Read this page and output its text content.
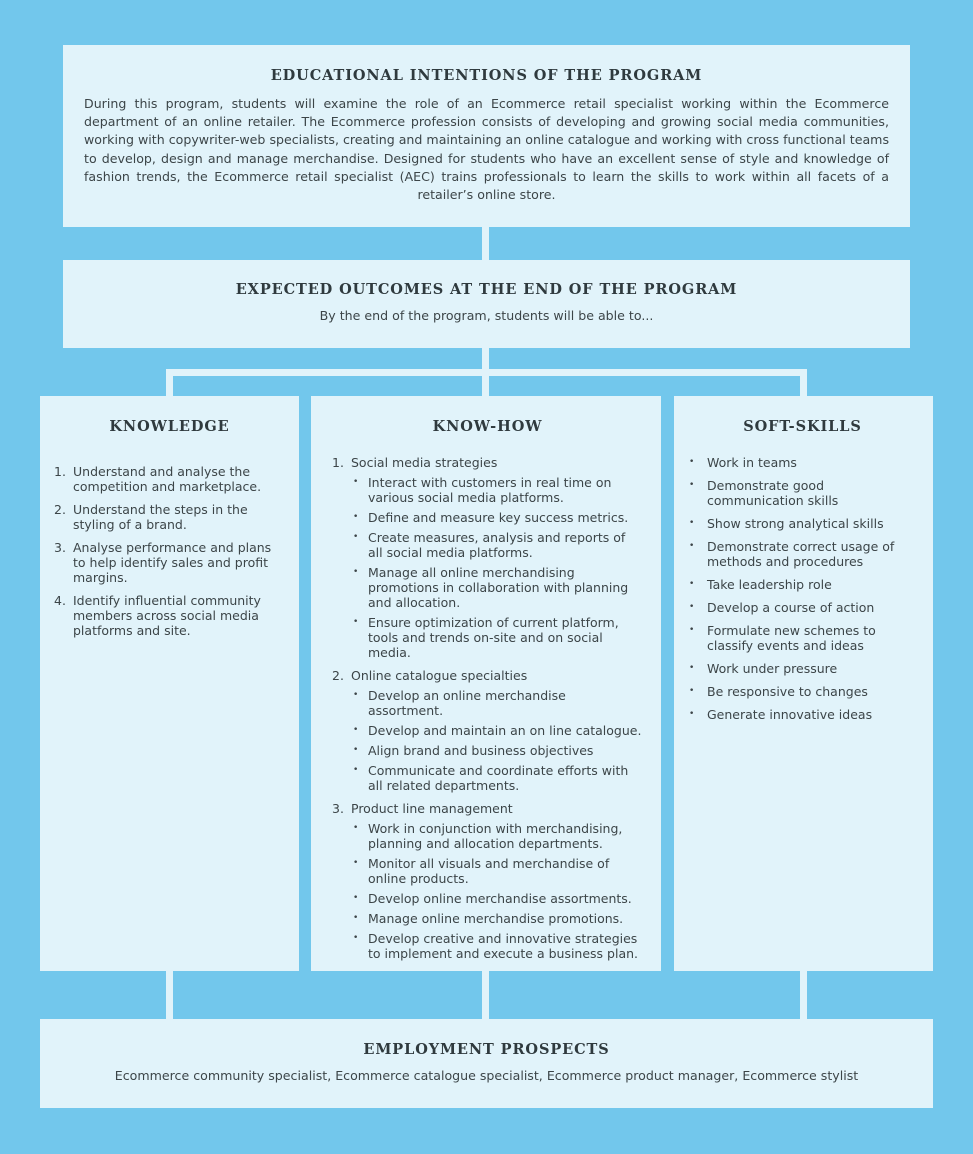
EDUCATIONAL INTENTIONS OF THE PROGRAM

During this program, students will examine the role of an Ecommerce retail specialist working within the Ecommerce department of an online retailer. The Ecommerce profession consists of developing and growing social media communities, working with copywriter-web specialists, creating and maintaining an online catalogue and working with cross functional teams to develop, design and manage merchandise. Designed for students who have an excellent sense of style and knowledge of fashion trends, the Ecommerce retail specialist (AEC) trains professionals to learn the skills to work within all facets of a retailer’s online store.

EXPECTED OUTCOMES AT THE END OF THE PROGRAM

By the end of the program, students will be able to...

KNOWLEDGE
1. Understand and analyse the competition and marketplace.
2. Understand the steps in the styling of a brand.
3. Analyse performance and plans to help identify sales and profit margins.
4. Identify influential community members across social media platforms and site.
KNOW-HOW
1. Social media strategies
• Interact with customers in real time on various social media platforms.
• Define and measure key success metrics.
• Create measures, analysis and reports of all social media platforms.
• Manage all online merchandising promotions in collaboration with planning and allocation.
• Ensure optimization of current platform, tools and trends on-site and on social media.
2. Online catalogue specialties
• Develop an online merchandise assortment.
• Develop and maintain an on line catalogue.
• Align brand and business objectives
• Communicate and coordinate efforts with all related departments.
3. Product line management
• Work in conjunction with merchandising, planning and allocation departments.
• Monitor all visuals and merchandise of online products.
• Develop online merchandise assortments.
• Manage online merchandise promotions.
• Develop creative and innovative strategies to implement and execute a business plan.
SOFT-SKILLS
• Work in teams
• Demonstrate good communication skills
• Show strong analytical skills
• Demonstrate correct usage of methods and procedures
• Take leadership role
• Develop a course of action
• Formulate new schemes to classify events and ideas
• Work under pressure
• Be responsive to changes
• Generate innovative ideas
EMPLOYMENT PROSPECTS

Ecommerce community specialist, Ecommerce catalogue specialist, Ecommerce product manager, Ecommerce stylist
